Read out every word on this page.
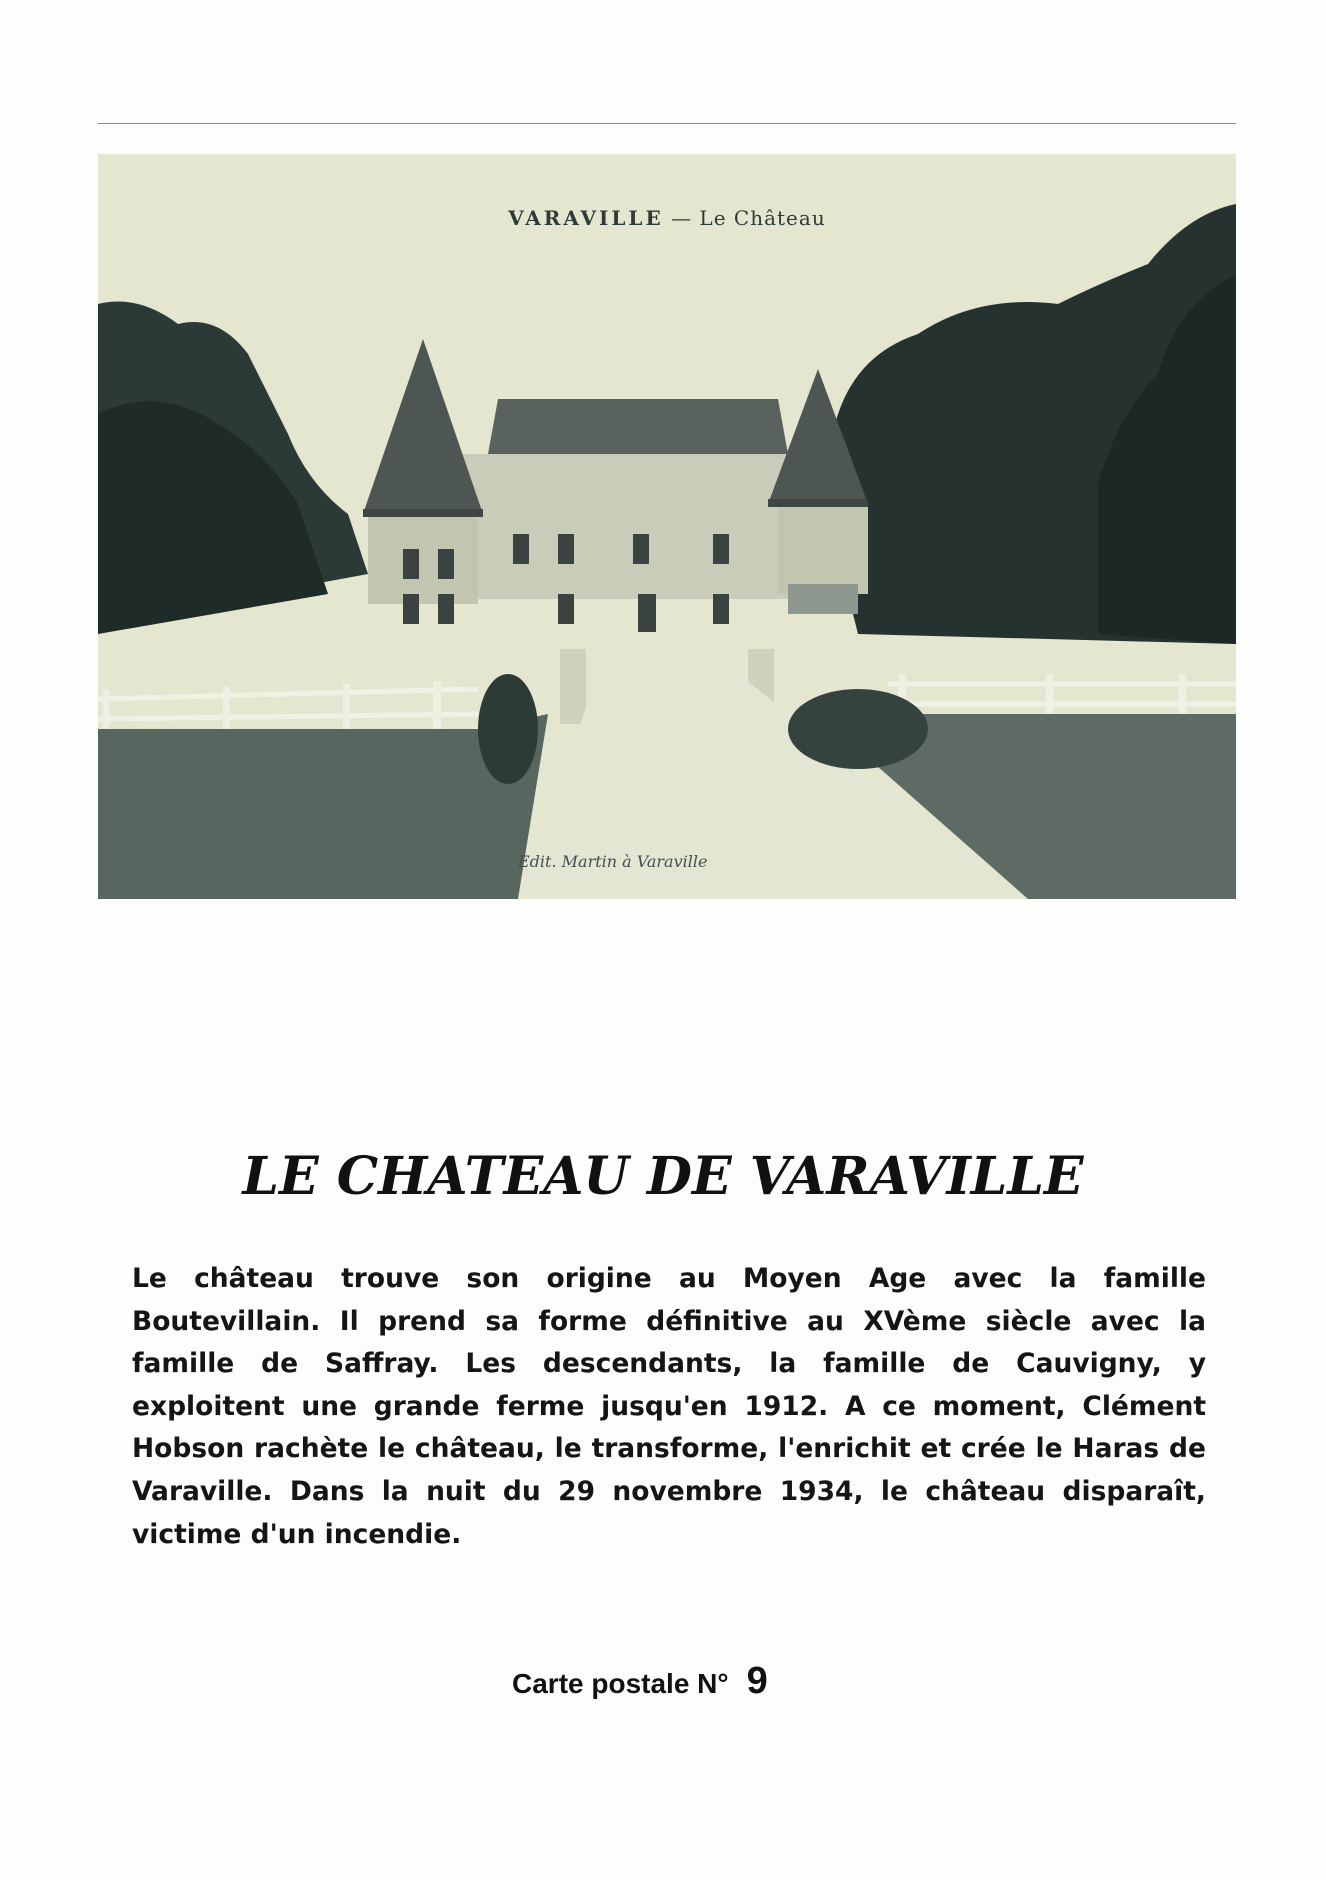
VARAVILLE — Le Château
Edit. Martin à Varaville
LE CHATEAU DE VARAVILLE

Le château trouve son origine au Moyen Age avec la famille Boutevillain. Il prend sa forme définitive au XVème siècle avec la famille de Saffray. Les descendants, la famille de Cauvigny, y exploitent une grande ferme jusqu'en 1912. A ce moment, Clément Hobson rachète le château, le transforme, l'enrichit et crée le Haras de Varaville. Dans la nuit du 29 novembre 1934, le château disparaît, victime d'un incendie.

Carte postale N° 9
